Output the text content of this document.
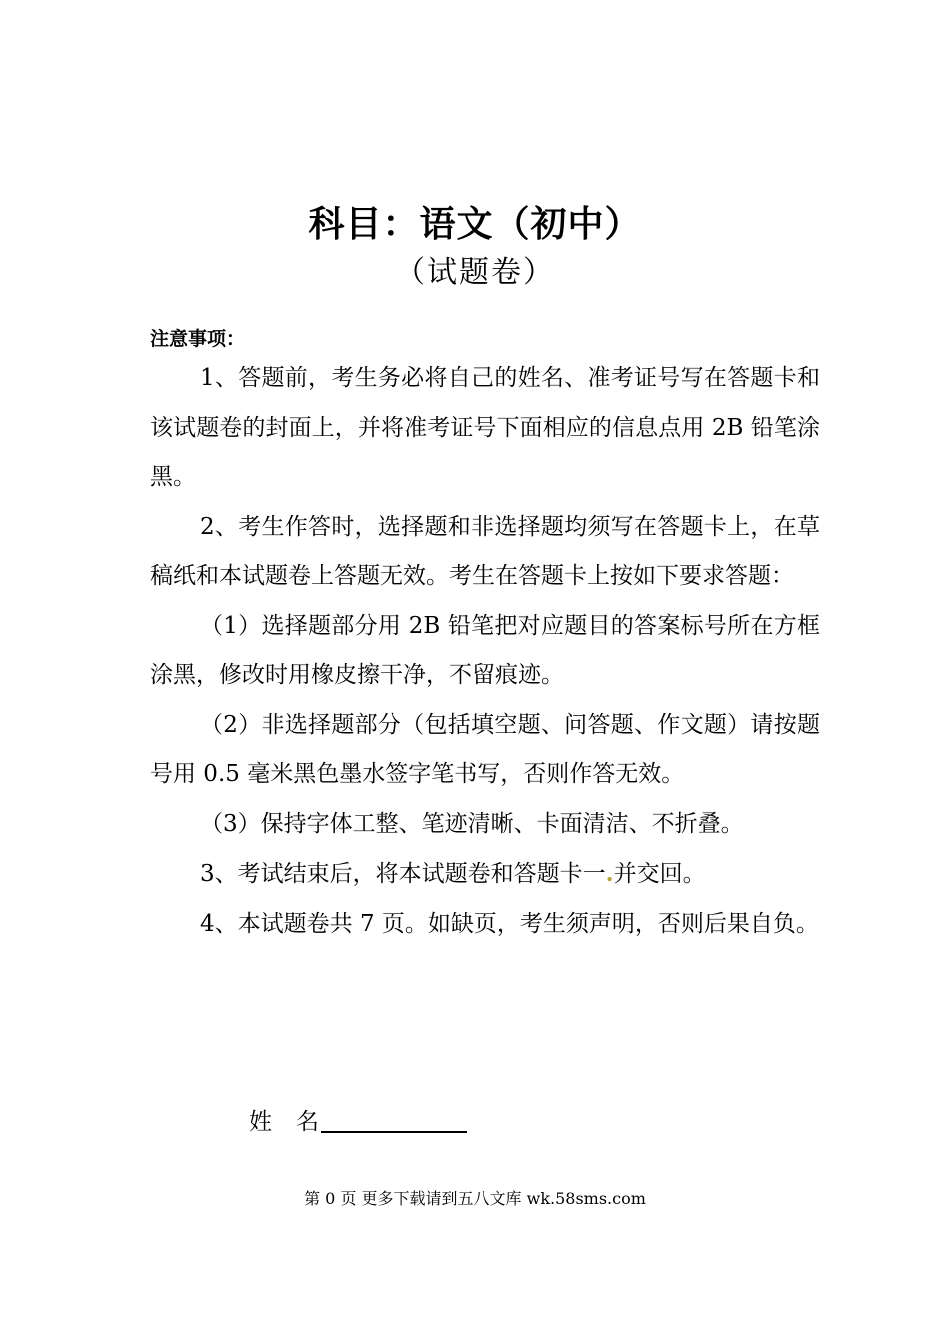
科目：语文（初中）
（试题卷）
注意事项：

1、答题前，考生务必将自己的姓名、准考证号写在答题卡和该试题卷的封面上，并将准考证号下面相应的信息点用 2B 铅笔涂黑。

2、考生作答时，选择题和非选择题均须写在答题卡上，在草稿纸和本试题卷上答题无效。考生在答题卡上按如下要求答题：

（1）选择题部分用 2B 铅笔把对应题目的答案标号所在方框涂黑，修改时用橡皮擦干净，不留痕迹。

（2）非选择题部分（包括填空题、问答题、作文题）请按题号用 0.5 毫米黑色墨水签字笔书写，否则作答无效。

（3）保持字体工整、笔迹清晰、卡面清洁、不折叠。

3、考试结束后，将本试题卷和答题卡一.并交回。

4、本试题卷共 7 页。如缺页，考生须声明，否则后果自负。

姓 名
第 0 页 更多下载请到五八文库 wk.58sms.com
